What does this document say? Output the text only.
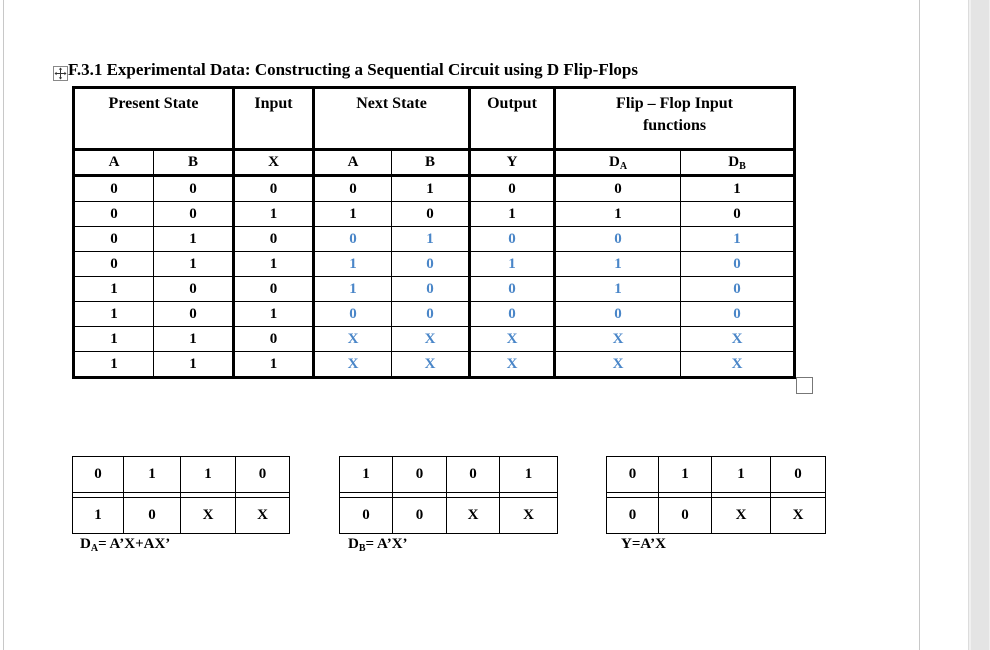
F.3.1 Experimental Data: Constructing a Sequential Circuit using D Flip-Flops
Present State		Input	Next State		Output	Flip – Flop Input
functions	

A	B	X	A	B	Y	$D_A$	$D_B$
0	0	0	0	1	0	0	1
0	0	1	1	0	1	1	0
0	1	0	0	1	0	0	1
0	1	1	1	0	1	1	0
1	0	0	1	0	0	1	0
1	0	1	0	0	0	0	0
1	1	0	X	X	X	X	X
1	1	1	X	X	X	X	X
0	1	1	0

1	0	X	X
$D_A=$ A’X+AX’
1	0	0	1

0	0	X	X
$D_B=$ A’X’
0	1	1	0

0	0	X	X
Y=A’X
